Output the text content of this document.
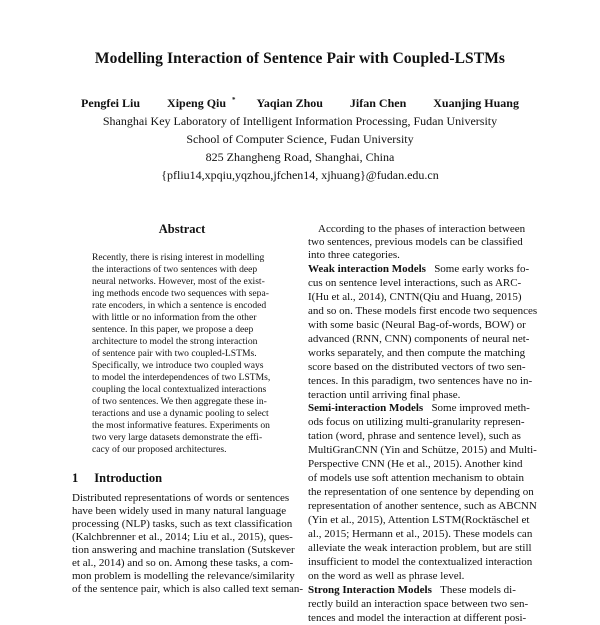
Modelling Interaction of Sentence Pair with Coupled-LSTMs
Pengfei Liu Xipeng Qiu * Yaqian Zhou Jifan Chen Xuanjing Huang
Shanghai Key Laboratory of Intelligent Information Processing, Fudan University
School of Computer Science, Fudan University
825 Zhangheng Road, Shanghai, China
{pfliu14,xpqiu,yqzhou,jfchen14, xjhuang}@fudan.edu.cn
Abstract
Recently, there is rising interest in modelling
the interactions of two sentences with deep
neural networks. However, most of the exist-
ing methods encode two sequences with sepa-
rate encoders, in which a sentence is encoded
with little or no information from the other
sentence. In this paper, we propose a deep
architecture to model the strong interaction
of sentence pair with two coupled-LSTMs.
Specifically, we introduce two coupled ways
to model the interdependences of two LSTMs,
coupling the local contextualized interactions
of two sentences. We then aggregate these in-
teractions and use a dynamic pooling to select
the most informative features. Experiments on
two very large datasets demonstrate the effi-
cacy of our proposed architectures.
1 Introduction
Distributed representations of words or sentences
have been widely used in many natural language
processing (NLP) tasks, such as text classification
(Kalchbrenner et al., 2014; Liu et al., 2015), ques-
tion answering and machine translation (Sutskever
et al., 2014) and so on. Among these tasks, a com-
mon problem is modelling the relevance/similarity
of the sentence pair, which is also called text seman-
According to the phases of interaction between
two sentences, previous models can be classified
into three categories.
Weak interaction Models Some early works fo-
cus on sentence level interactions, such as ARC-
I(Hu et al., 2014), CNTN(Qiu and Huang, 2015)
and so on. These models first encode two sequences
with some basic (Neural Bag-of-words, BOW) or
advanced (RNN, CNN) components of neural net-
works separately, and then compute the matching
score based on the distributed vectors of two sen-
tences. In this paradigm, two sentences have no in-
teraction until arriving final phase.
Semi-interaction Models Some improved meth-
ods focus on utilizing multi-granularity represen-
tation (word, phrase and sentence level), such as
MultiGranCNN (Yin and Schütze, 2015) and Multi-
Perspective CNN (He et al., 2015). Another kind
of models use soft attention mechanism to obtain
the representation of one sentence by depending on
representation of another sentence, such as ABCNN
(Yin et al., 2015), Attention LSTM(Rocktäschel et
al., 2015; Hermann et al., 2015). These models can
alleviate the weak interaction problem, but are still
insufficient to model the contextualized interaction
on the word as well as phrase level.
Strong Interaction Models These models di-
rectly build an interaction space between two sen-
tences and model the interaction at different posi-
